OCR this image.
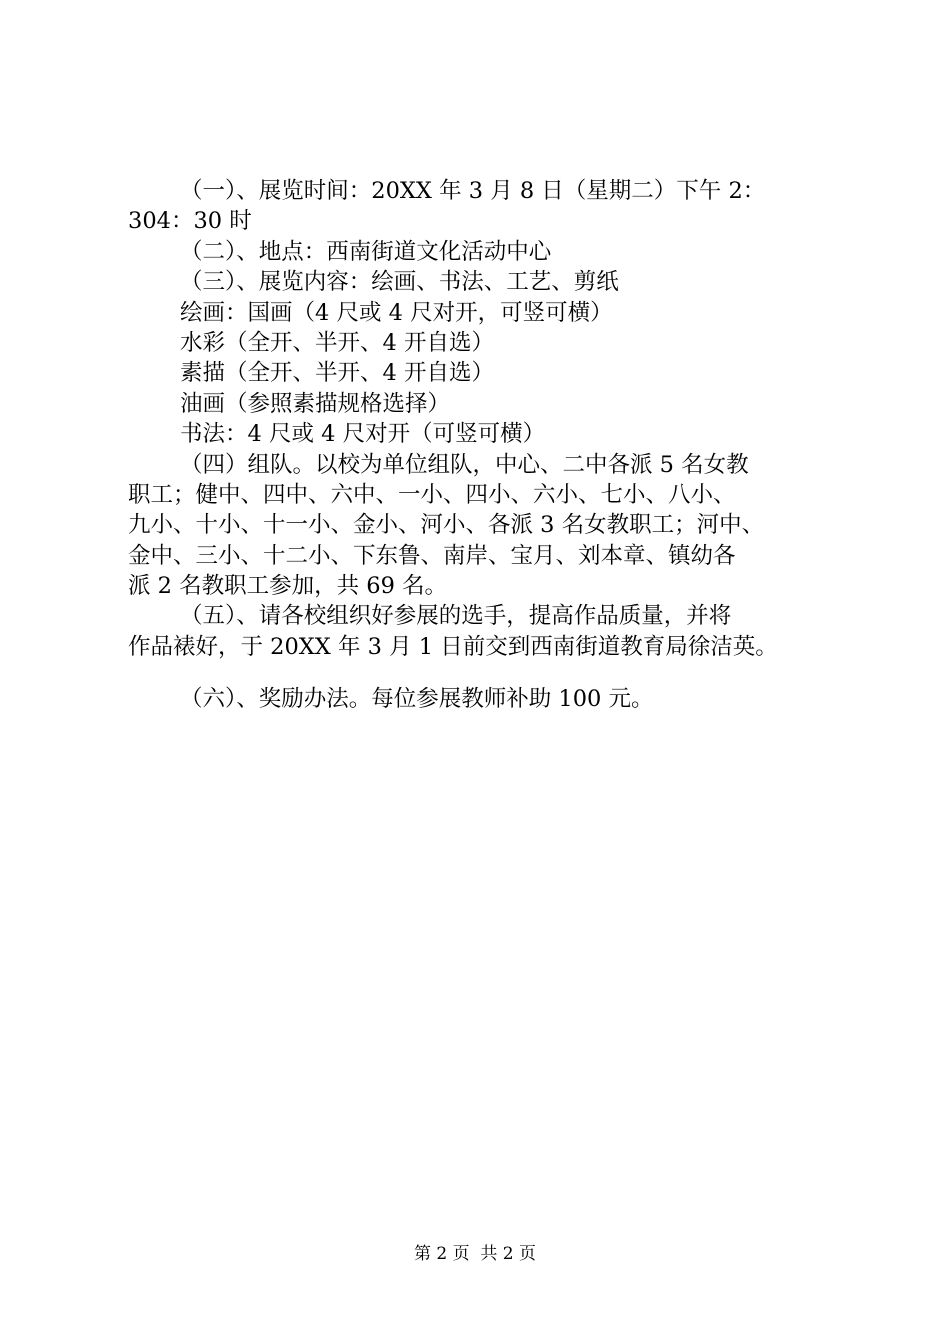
（一）、展览时间：20XX 年 3 月 8 日（星期二）下午 2：
304：30 时
（二）、地点：西南街道文化活动中心
（三）、展览内容：绘画、书法、工艺、剪纸
绘画：国画（4 尺或 4 尺对开，可竖可横）
水彩（全开、半开、4 开自选）
素描（全开、半开、4 开自选）
油画（参照素描规格选择）
书法：4 尺或 4 尺对开（可竖可横）
（四）组队。以校为单位组队，中心、二中各派 5 名女教
职工；健中、四中、六中、一小、四小、六小、七小、八小、
九小、十小、十一小、金小、河小、各派 3 名女教职工；河中、
金中、三小、十二小、下东鲁、南岸、宝月、刘本章、镇幼各
派 2 名教职工参加，共 69 名。
（五）、请各校组织好参展的选手，提高作品质量，并将
作品裱好，于 20XX 年 3 月 1 日前交到西南街道教育局徐洁英。
（六）、奖励办法。每位参展教师补助 100 元。
第 2 页  共 2 页
